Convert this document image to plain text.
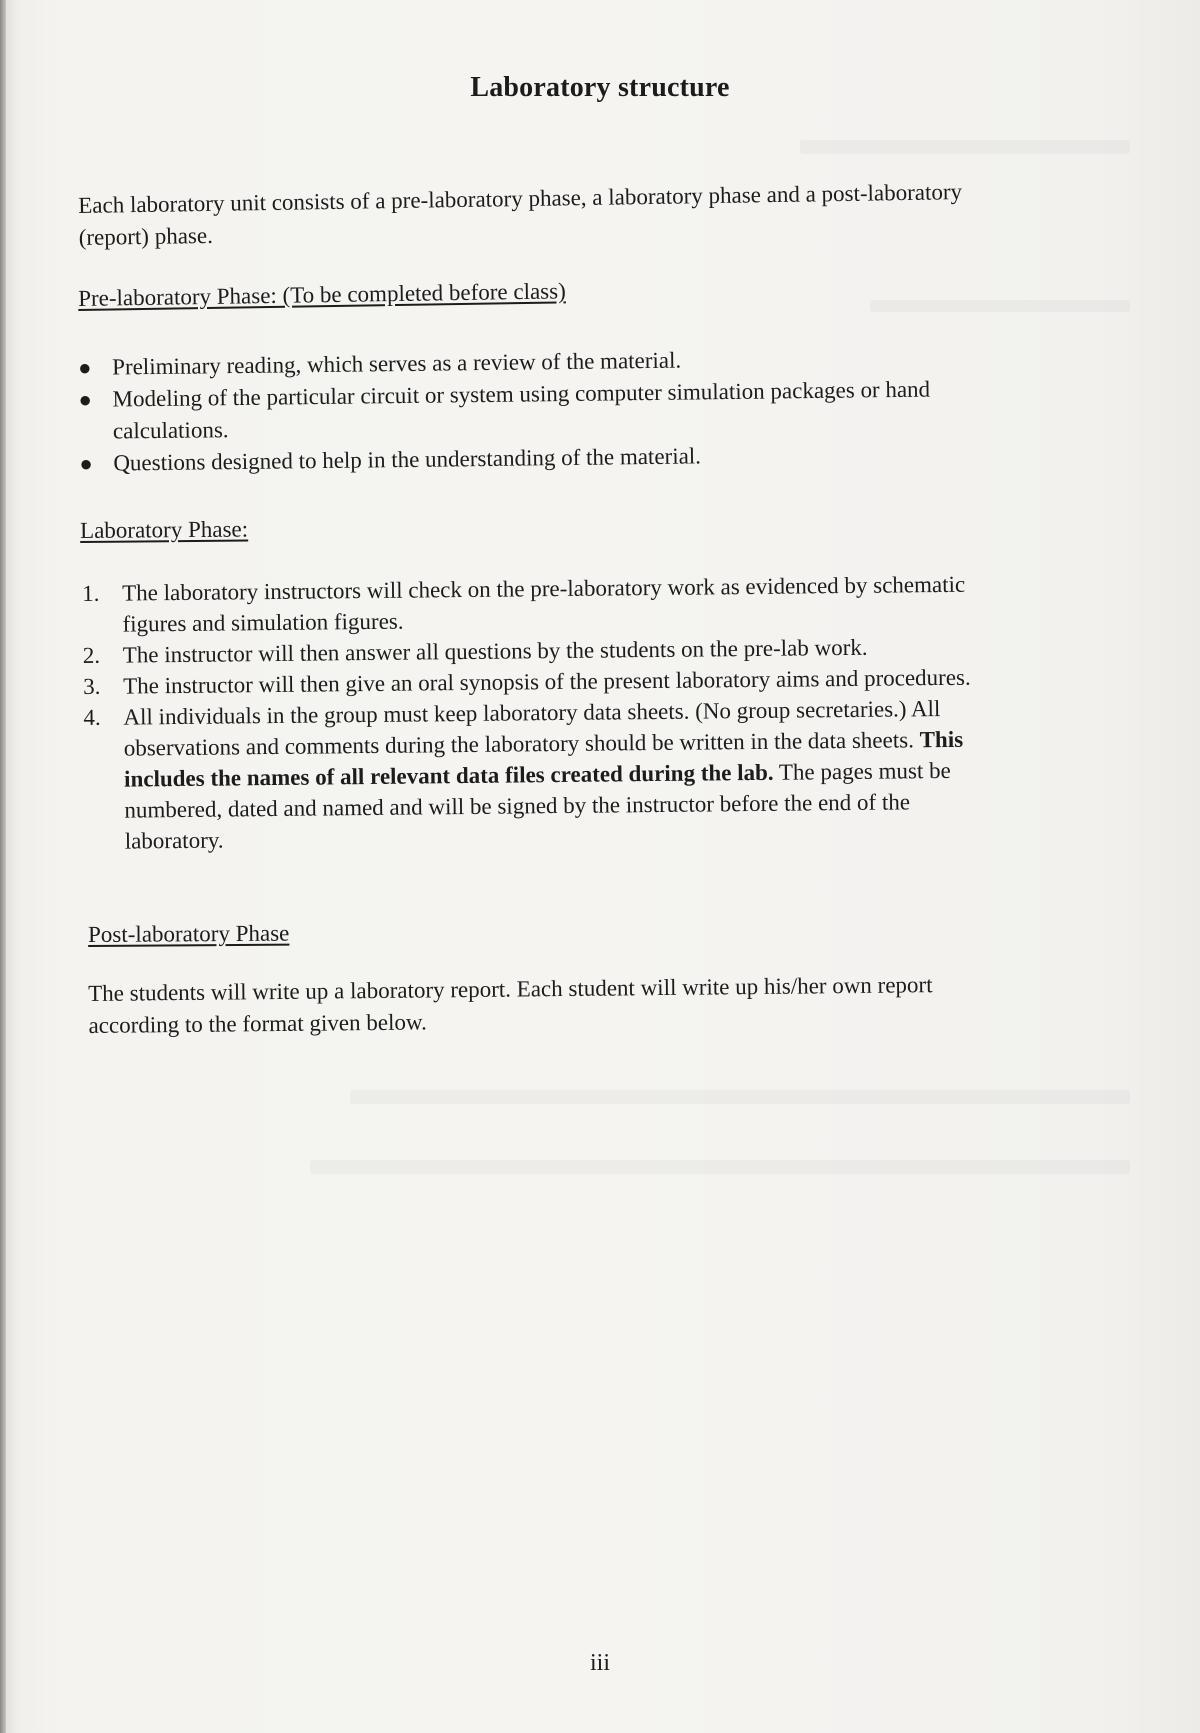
Laboratory structure
Each laboratory unit consists of a pre-laboratory phase, a laboratory phase and a post-laboratory (report) phase.
Pre-laboratory Phase: (To be completed before class)
● Preliminary reading, which serves as a review of the material.
● Modeling of the particular circuit or system using computer simulation packages or hand calculations.
● Questions designed to help in the understanding of the material.
Laboratory Phase:
1. The laboratory instructors will check on the pre-laboratory work as evidenced by schematic figures and simulation figures.
2. The instructor will then answer all questions by the students on the pre-lab work.
3. The instructor will then give an oral synopsis of the present laboratory aims and procedures.
4. All individuals in the group must keep laboratory data sheets. (No group secretaries.) All observations and comments during the laboratory should be written in the data sheets. This includes the names of all relevant data files created during the lab. The pages must be numbered, dated and named and will be signed by the instructor before the end of the laboratory.
Post-laboratory Phase
The students will write up a laboratory report. Each student will write up his/her own report according to the format given below.
iii
